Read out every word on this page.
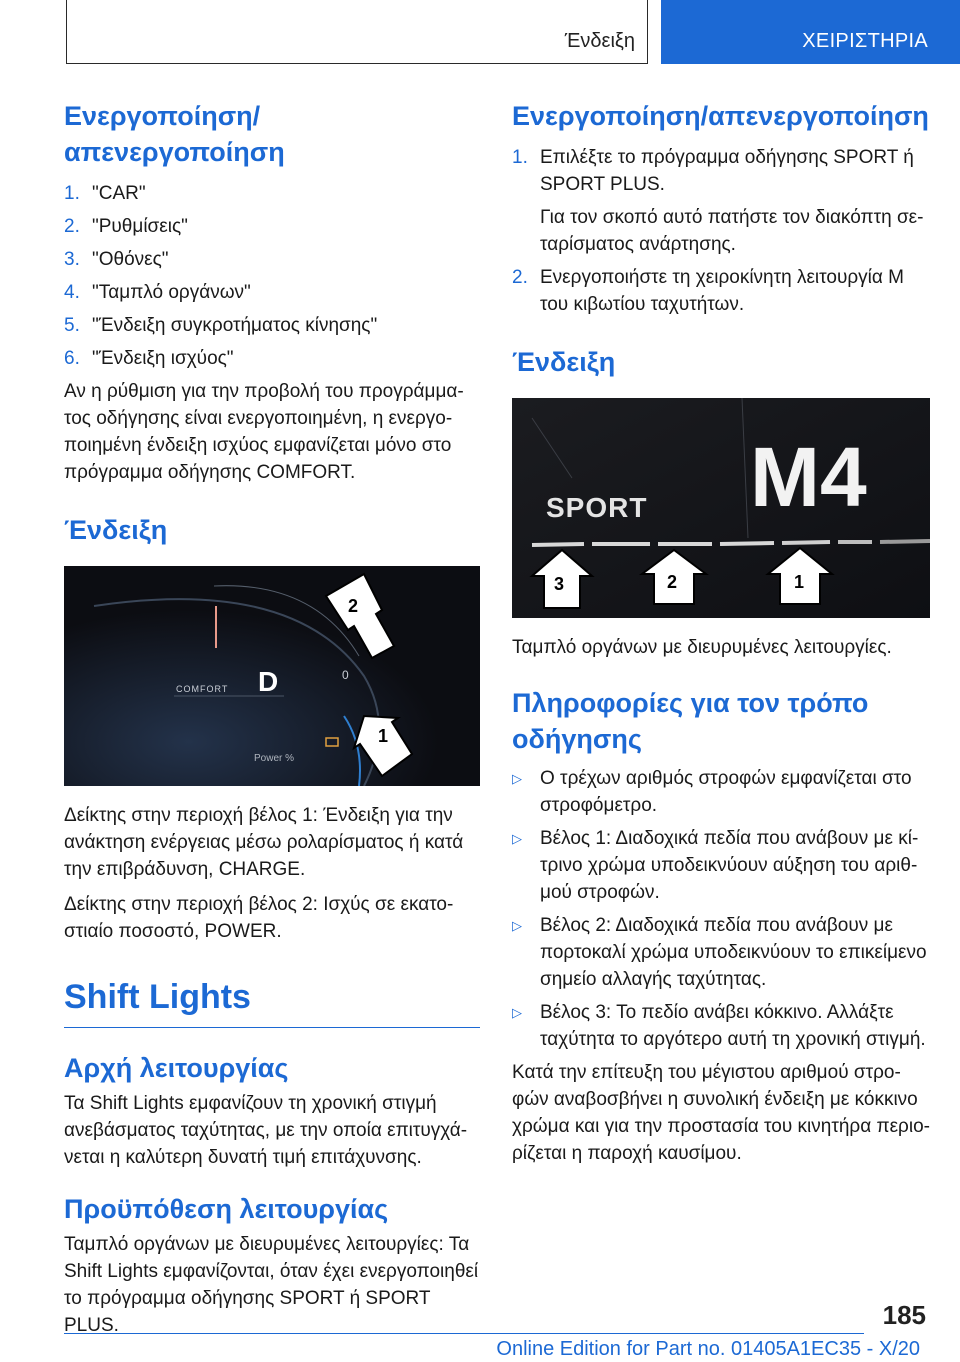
Ένδειξη	ΧΕΙΡΙΣΤΗΡΙΑ
Ενεργοποίηση/απενεργοποίηση
1. "CAR"
2. "Ρυθμίσεις"
3. "Οθόνες"
4. "Ταμπλό οργάνων"
5. "Ένδειξη συγκροτήματος κίνησης"
6. "Ένδειξη ισχύος"

Αν η ρύθμιση για την προβολή του προγράμματος οδήγησης είναι ενεργοποιημένη, η ενεργοποιημένη ένδειξη ισχύος εμφανίζεται μόνο στο πρόγραμμα οδήγησης COMFORT.

Ένδειξη
COMFORT D	0
Power %
2
1

Δείκτης στην περιοχή βέλος 1: Ένδειξη για την ανάκτηση ενέργειας μέσω ρολαρίσματος ή κατά την επιβράδυνση, CHARGE.

Δείκτης στην περιοχή βέλος 2: Ισχύς σε εκατοστιαίο ποσοστό, POWER.

Shift Lights
Αρχή λειτουργίας

Τα Shift Lights εμφανίζουν τη χρονική στιγμή ανεβάσματος ταχύτητας, με την οποία επιτυγχάνεται η καλύτερη δυνατή τιμή επιτάχυνσης.

Προϋπόθεση λειτουργίας

Ταμπλό οργάνων με διευρυμένες λειτουργίες: Τα Shift Lights εμφανίζονται, όταν έχει ενεργοποιηθεί το πρόγραμμα οδήγησης SPORT ή SPORT PLUS.

Ενεργοποίηση/απενεργοποίηση
1. Επιλέξτε το πρόγραμμα οδήγησης SPORT ή SPORT PLUS.
Για τον σκοπό αυτό πατήστε τον διακόπτη σεταρίσματος ανάρτησης.
2. Ενεργοποιήστε τη χειροκίνητη λειτουργία M του κιβωτίου ταχυτήτων.
Ένδειξη
SPORT M4
3	2	1

Ταμπλό οργάνων με διευρυμένες λειτουργίες.

Πληροφορίες για τον τρόπο οδήγησης
▷ Ο τρέχων αριθμός στροφών εμφανίζεται στο στροφόμετρο.
▷ Βέλος 1: Διαδοχικά πεδία που ανάβουν με κίτρινο χρώμα υποδεικνύουν αύξηση του αριθμού στροφών.
▷ Βέλος 2: Διαδοχικά πεδία που ανάβουν με πορτοκαλί χρώμα υποδεικνύουν το επικείμενο σημείο αλλαγής ταχύτητας.
▷ Βέλος 3: Το πεδίο ανάβει κόκκινο. Αλλάξτε ταχύτητα το αργότερο αυτή τη χρονική στιγμή.

Κατά την επίτευξη του μέγιστου αριθμού στροφών αναβοσβήνει η συνολική ένδειξη με κόκκινο χρώμα και για την προστασία του κινητήρα περιορίζεται η παροχή καυσίμου.

185
Online Edition for Part no. 01405A1EC35 - X/20
